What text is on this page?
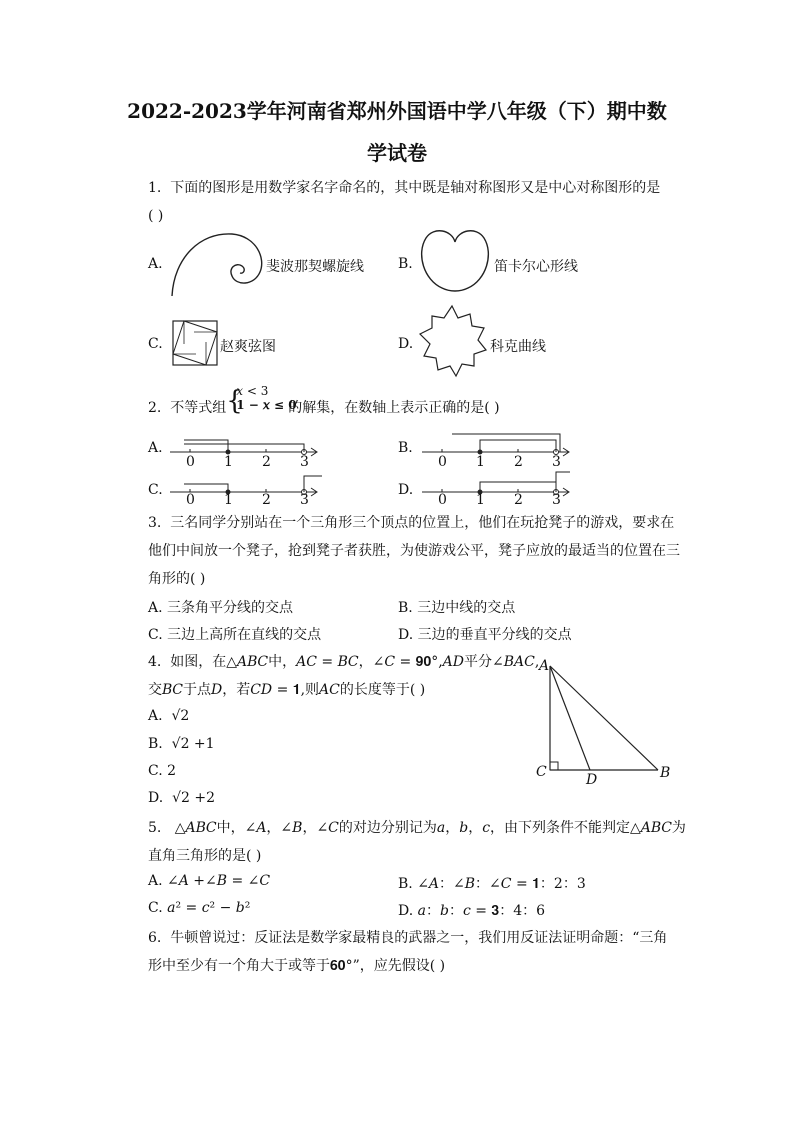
2022-2023学年河南省郑州外国语中学八年级（下）期中数
学试卷
1. 下面的图形是用数学家名字命名的，其中既是轴对称图形又是中心对称图形的是
( )
A.	斐波那契螺旋线 B.	笛卡尔心形线
C.	赵爽弦图	D.	科克曲线
2. 不等式组 {
𝑥 < 3
1 − 𝑥 ≤ 0
的解集，在数轴上表示正确的是( )
A.
0 1 2 3
B.
0 1 2 3
C.
0 1 2 3
D.
0 1 2 3
3. 三名同学分别站在一个三角形三个顶点的位置上，他们在玩抢凳子的游戏，要求在
他们中间放一个凳子，抢到凳子者获胜，为使游戏公平，凳子应放的最适当的位置在三
角形的( )
A. 三条角平分线的交点	B. 三边中线的交点
C. 三边上高所在直线的交点	D. 三边的垂直平分线的交点
4. 如图，在△𝐴𝐵𝐶中，𝐴𝐶 = 𝐵𝐶，∠𝐶 = 𝟗𝟎°,𝐴𝐷平分∠𝐵𝐴𝐶,
交𝐵𝐶于点𝐷，若𝐶𝐷 = 𝟏,则𝐴𝐶的长度等于( )
A. √2
B. √2 +1
C. 2
D. √2 +2
A
C	D	B
5. △𝐴𝐵𝐶中，∠𝐴，∠𝐵，∠𝐶的对边分别记为𝑎，𝑏，𝑐，由下列条件不能判定△𝐴𝐵𝐶为
直角三角形的是( )
A. ∠𝐴 +∠𝐵 = ∠𝐶	B. ∠𝐴：∠𝐵：∠𝐶 = 𝟏：2：3
C. 𝑎² = 𝑐² − 𝑏²	D. 𝑎：𝑏：𝑐 = 𝟑：4：6
6. 牛顿曾说过：反证法是数学家最精良的武器之一，我们用反证法证明命题：“三角
形中至少有一个角大于或等于𝟔𝟎°”，应先假设( )
